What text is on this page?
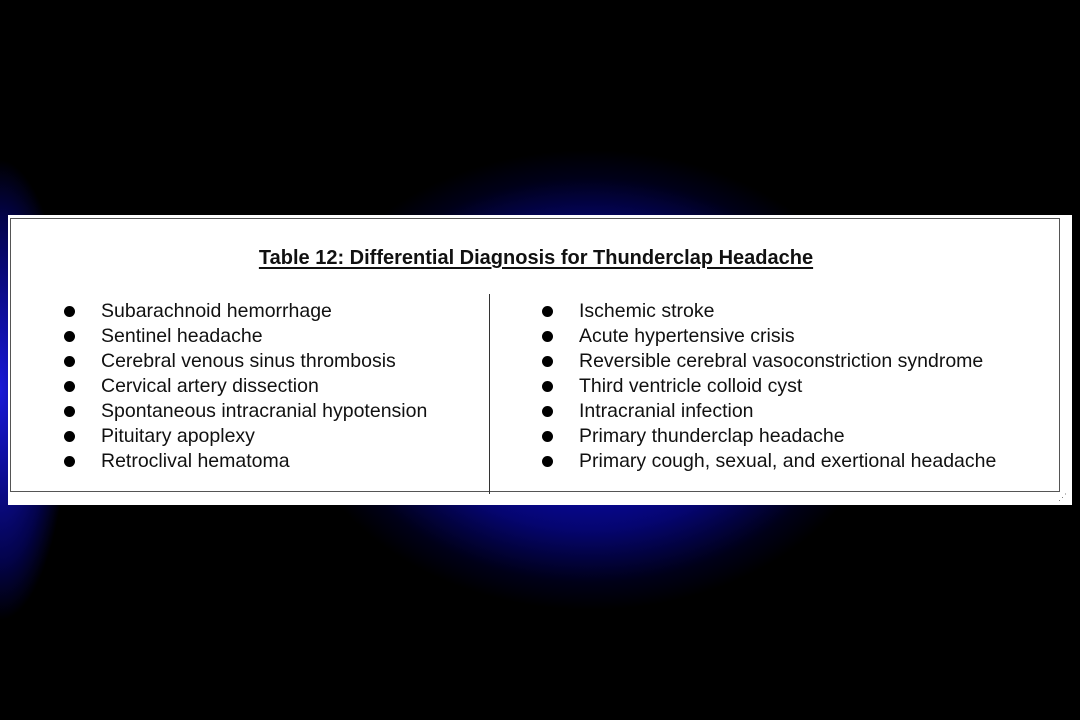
Table 12: Differential Diagnosis for Thunderclap Headache
Subarachnoid hemorrhage
Sentinel headache
Cerebral venous sinus thrombosis
Cervical artery dissection
Spontaneous intracranial hypotension
Pituitary apoplexy
Retroclival hematoma
Ischemic stroke
Acute hypertensive crisis
Reversible cerebral vasoconstriction syndrome
Third ventricle colloid cyst
Intracranial infection
Primary thunderclap headache
Primary cough, sexual, and exertional headache
⋰
